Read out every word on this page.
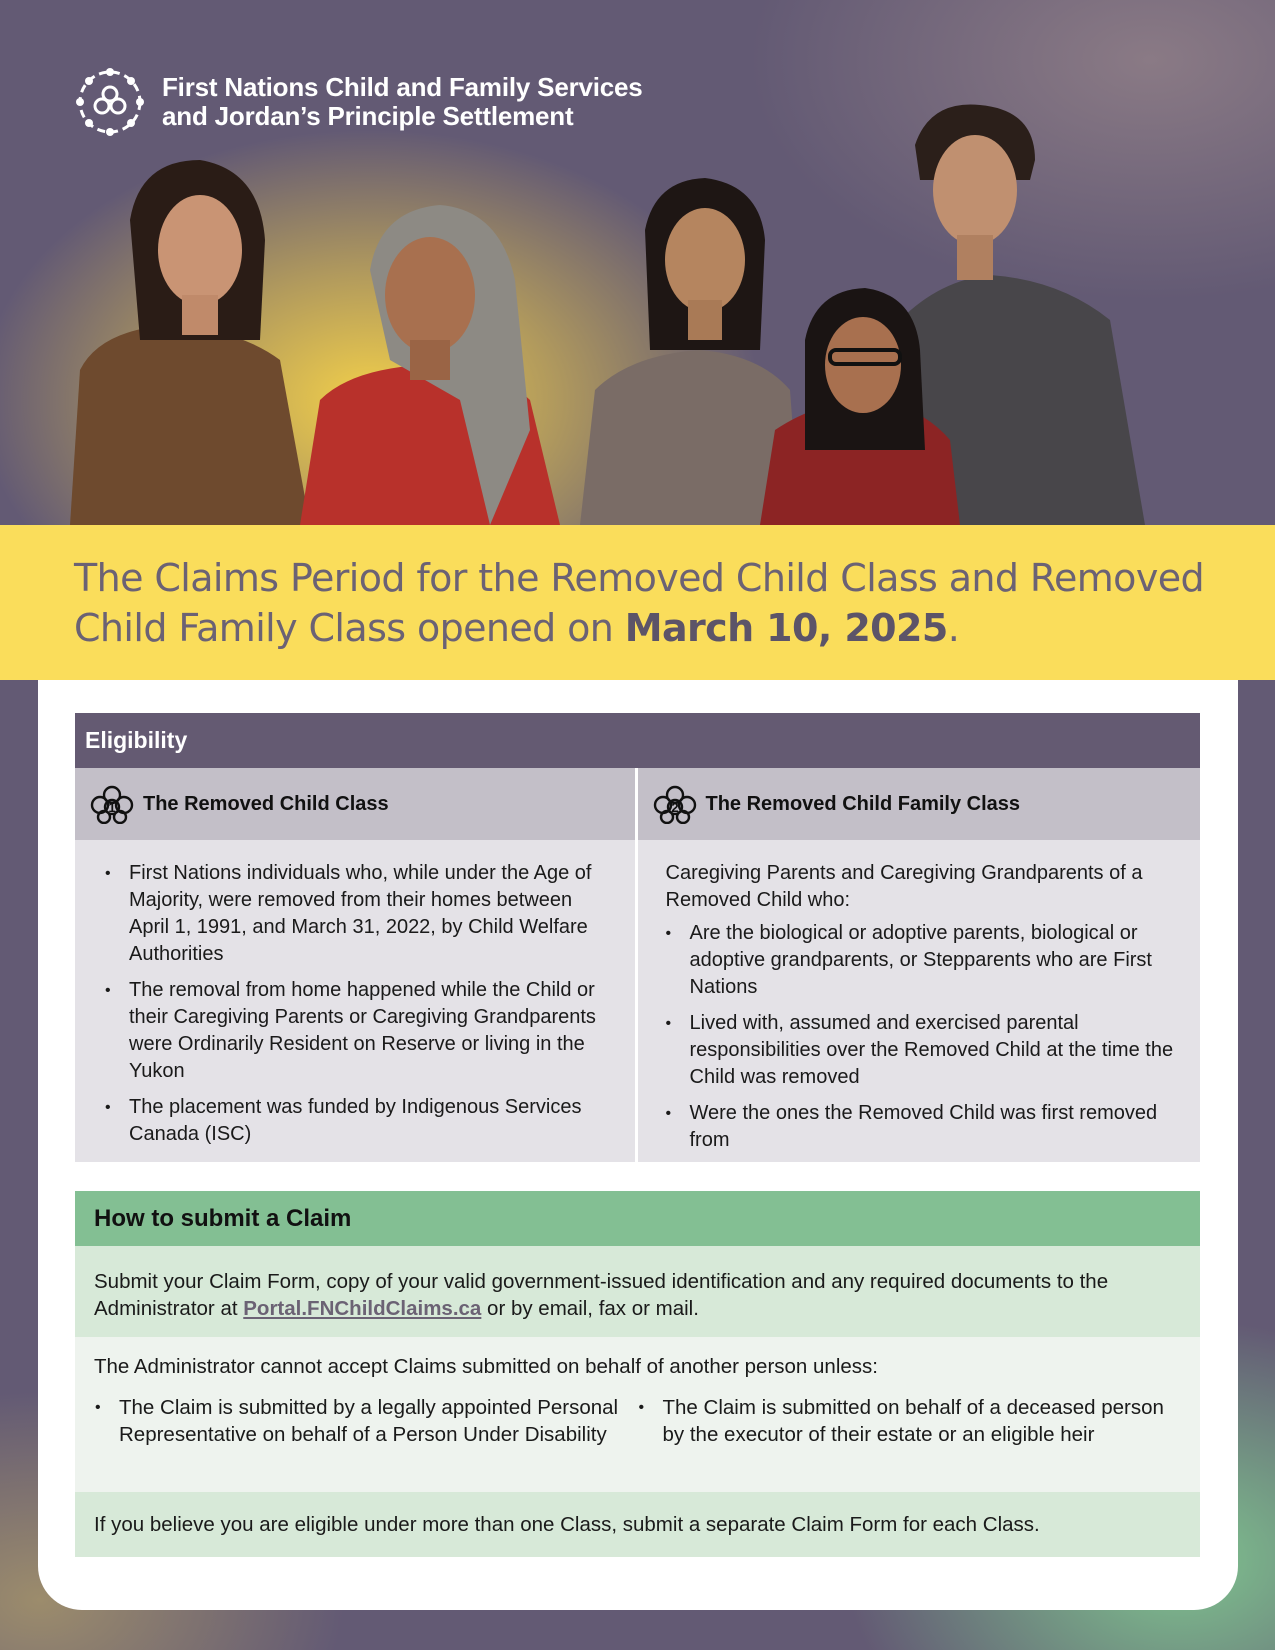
First Nations Child and Family Services
and Jordan’s Principle Settlement
The Claims Period for the Removed Child Class and Removed Child Family Class opened on March 10, 2025.
Eligibility
1 The Removed Child Class
• First Nations individuals who, while under the Age of Majority, were removed from their homes between April 1, 1991, and March 31, 2022, by Child Welfare Authorities
• The removal from home happened while the Child or their Caregiving Parents or Caregiving Grandparents were Ordinarily Resident on Reserve or living in the Yukon
• The placement was funded by Indigenous Services Canada (ISC)
2 The Removed Child Family Class

Caregiving Parents and Caregiving Grandparents of a Removed Child who:

• Are the biological or adoptive parents, biological or adoptive grandparents, or Stepparents who are First Nations
• Lived with, assumed and exercised parental responsibilities over the Removed Child at the time the Child was removed
• Were the ones the Removed Child was first removed from
How to submit a Claim
Submit your Claim Form, copy of your valid government-issued identification and any required documents to the Administrator at Portal.FNChildClaims.ca or by email, fax or mail.
The Administrator cannot accept Claims submitted on behalf of another person unless:
• The Claim is submitted by a legally appointed Personal Representative on behalf of a Person Under Disability
• The Claim is submitted on behalf of a deceased person by the executor of their estate or an eligible heir
If you believe you are eligible under more than one Class, submit a separate Claim Form for each Class.
